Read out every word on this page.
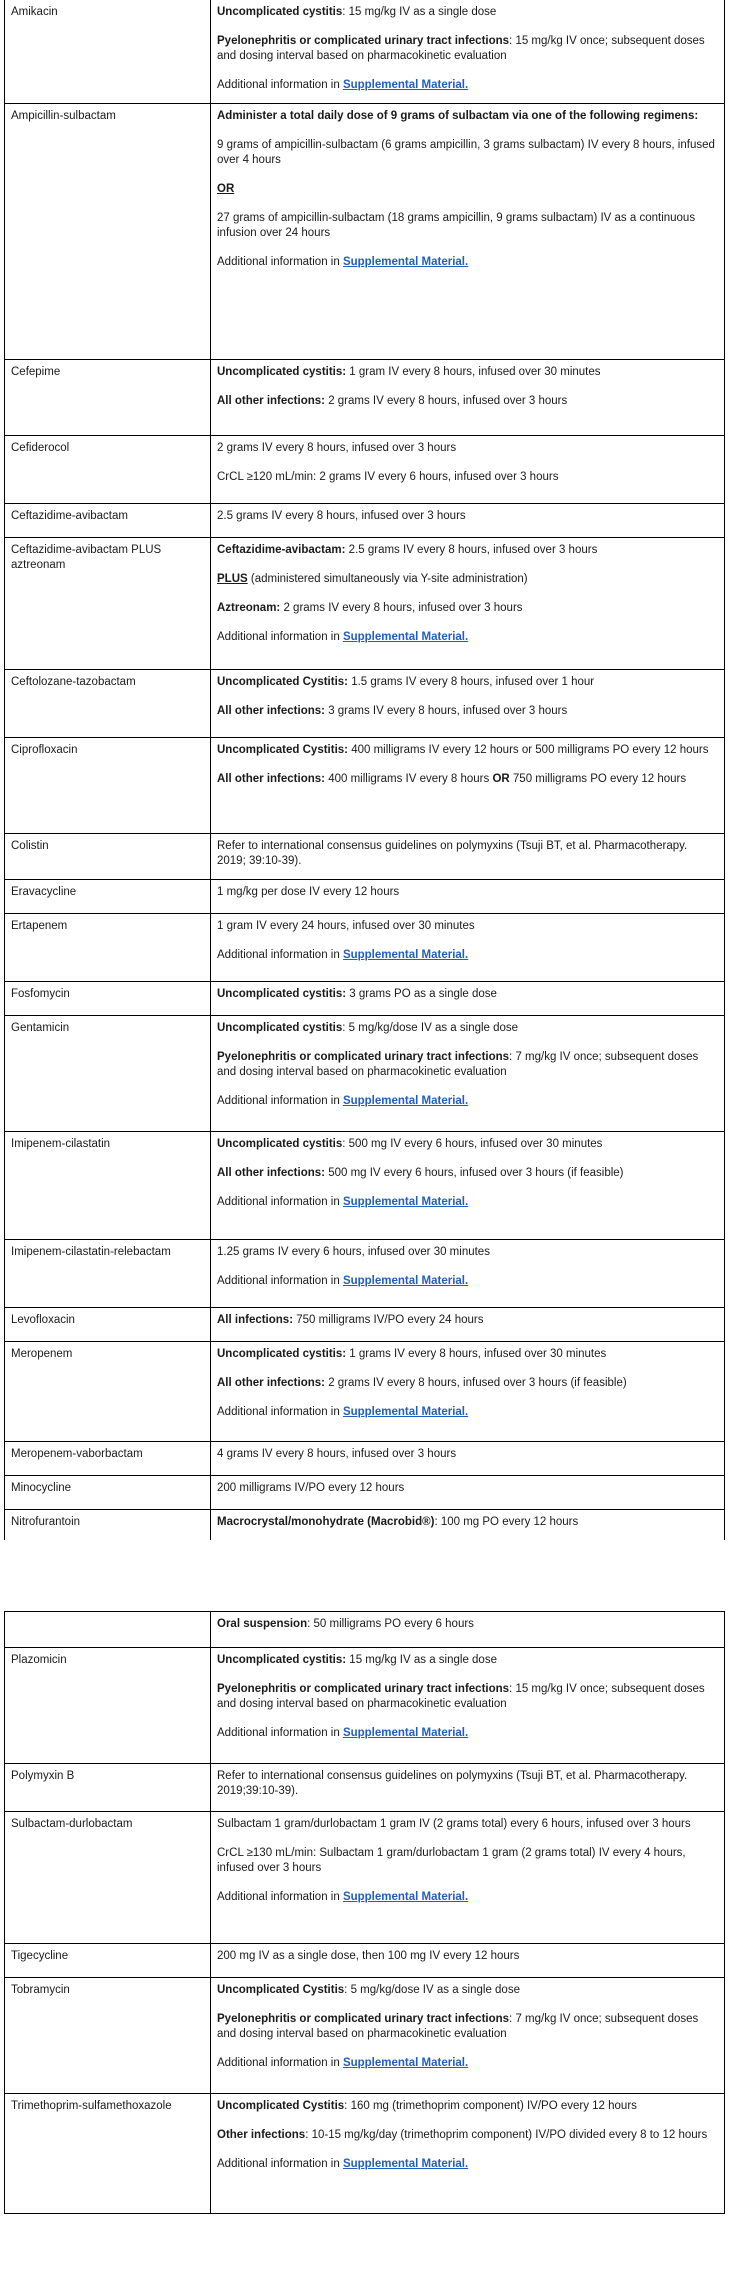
Amikacin	Uncomplicated cystitis: 15 mg/kg IV as a single dose

Pyelonephritis or complicated urinary tract infections: 15 mg/kg IV once; subsequent doses and dosing interval based on pharmacokinetic evaluation

Additional information in Supplemental Material.

Ampicillin-sulbactam	Administer a total daily dose of 9 grams of sulbactam via one of the following regimens:

9 grams of ampicillin-sulbactam (6 grams ampicillin, 3 grams sulbactam) IV every 8 hours, infused over 4 hours

OR

27 grams of ampicillin-sulbactam (18 grams ampicillin, 9 grams sulbactam) IV as a continuous infusion over 24 hours

Additional information in Supplemental Material.

Cefepime	Uncomplicated cystitis: 1 gram IV every 8 hours, infused over 30 minutes

All other infections: 2 grams IV every 8 hours, infused over 3 hours

Cefiderocol	2 grams IV every 8 hours, infused over 3 hours

CrCL ≥120 mL/min: 2 grams IV every 6 hours, infused over 3 hours

Ceftazidime-avibactam	2.5 grams IV every 8 hours, infused over 3 hours

Ceftazidime-avibactam PLUS aztreonam	Ceftazidime-avibactam: 2.5 grams IV every 8 hours, infused over 3 hours

PLUS (administered simultaneously via Y-site administration)

Aztreonam: 2 grams IV every 8 hours, infused over 3 hours

Additional information in Supplemental Material.

Ceftolozane-tazobactam	Uncomplicated Cystitis: 1.5 grams IV every 8 hours, infused over 1 hour

All other infections: 3 grams IV every 8 hours, infused over 3 hours

Ciprofloxacin	Uncomplicated Cystitis: 400 milligrams IV every 12 hours or 500 milligrams PO every 12 hours

All other infections: 400 milligrams IV every 8 hours OR 750 milligrams PO every 12 hours

Colistin	Refer to international consensus guidelines on polymyxins (Tsuji BT, et al. Pharmacotherapy. 2019; 39:10-39).

Eravacycline	1 mg/kg per dose IV every 12 hours

Ertapenem	1 gram IV every 24 hours, infused over 30 minutes

Additional information in Supplemental Material.

Fosfomycin	Uncomplicated cystitis: 3 grams PO as a single dose

Gentamicin	Uncomplicated cystitis: 5 mg/kg/dose IV as a single dose

Pyelonephritis or complicated urinary tract infections: 7 mg/kg IV once; subsequent doses and dosing interval based on pharmacokinetic evaluation

Additional information in Supplemental Material.

Imipenem-cilastatin	Uncomplicated cystitis: 500 mg IV every 6 hours, infused over 30 minutes

All other infections: 500 mg IV every 6 hours, infused over 3 hours (if feasible)

Additional information in Supplemental Material.

Imipenem-cilastatin-relebactam	1.25 grams IV every 6 hours, infused over 30 minutes

Additional information in Supplemental Material.

Levofloxacin	All infections: 750 milligrams IV/PO every 24 hours

Meropenem	Uncomplicated cystitis: 1 grams IV every 8 hours, infused over 30 minutes

All other infections: 2 grams IV every 8 hours, infused over 3 hours (if feasible)

Additional information in Supplemental Material.

Meropenem-vaborbactam	4 grams IV every 8 hours, infused over 3 hours

Minocycline	200 milligrams IV/PO every 12 hours

Nitrofurantoin	Macrocrystal/monohydrate (Macrobid®): 100 mg PO every 12 hours

	Oral suspension: 50 milligrams PO every 6 hours

Plazomicin	Uncomplicated cystitis: 15 mg/kg IV as a single dose

Pyelonephritis or complicated urinary tract infections: 15 mg/kg IV once; subsequent doses and dosing interval based on pharmacokinetic evaluation

Additional information in Supplemental Material.

Polymyxin B	Refer to international consensus guidelines on polymyxins (Tsuji BT, et al. Pharmacotherapy. 2019;39:10-39).

Sulbactam-durlobactam	Sulbactam 1 gram/durlobactam 1 gram IV (2 grams total) every 6 hours, infused over 3 hours

CrCL ≥130 mL/min: Sulbactam 1 gram/durlobactam 1 gram (2 grams total) IV every 4 hours, infused over 3 hours

Additional information in Supplemental Material.

Tigecycline	200 mg IV as a single dose, then 100 mg IV every 12 hours

Tobramycin	Uncomplicated Cystitis: 5 mg/kg/dose IV as a single dose

Pyelonephritis or complicated urinary tract infections: 7 mg/kg IV once; subsequent doses and dosing interval based on pharmacokinetic evaluation

Additional information in Supplemental Material.

Trimethoprim-sulfamethoxazole	Uncomplicated Cystitis: 160 mg (trimethoprim component) IV/PO every 12 hours

Other infections: 10-15 mg/kg/day (trimethoprim component) IV/PO divided every 8 to 12 hours

Additional information in Supplemental Material.
